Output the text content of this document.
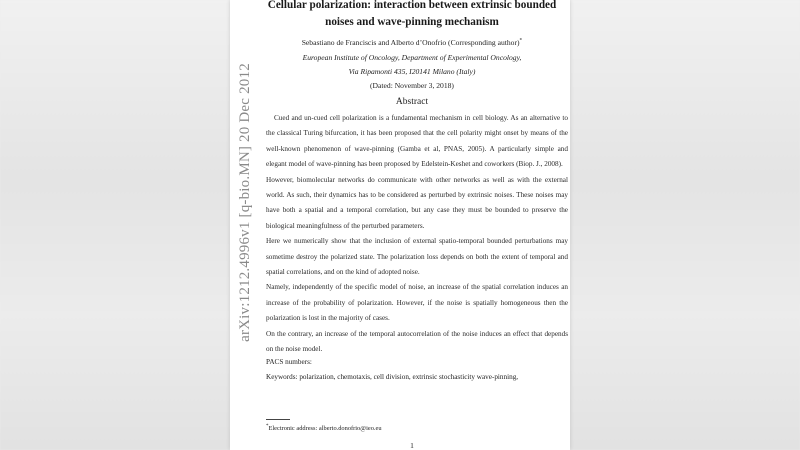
arXiv:1212.4996v1 [q-bio.MN] 20 Dec 2012
Cellular polarization: interaction between extrinsic bounded
noises and wave-pinning mechanism
Sebastiano de Franciscis and Alberto d’Onofrio (Corresponding author)*
European Institute of Oncology, Department of Experimental Oncology,
Via Ripamonti 435, I20141 Milano (Italy)
(Dated: November 3, 2018)
Abstract

Cued and un-cued cell polarization is a fundamental mechanism in cell biology. As an alternative to the classical Turing bifurcation, it has been proposed that the cell polarity might onset by means of the well-known phenomenon of wave-pinning (Gamba et al, PNAS, 2005). A particularly simple and elegant model of wave-pinning has been proposed by Edelstein-Keshet and coworkers (Biop. J., 2008).

However, biomolecular networks do communicate with other networks as well as with the external world. As such, their dynamics has to be considered as perturbed by extrinsic noises. These noises may have both a spatial and a temporal correlation, but any case they must be bounded to preserve the biological meaningfulness of the perturbed parameters.

Here we numerically show that the inclusion of external spatio-temporal bounded perturbations may sometime destroy the polarized state. The polarization loss depends on both the extent of temporal and spatial correlations, and on the kind of adopted noise.

Namely, independently of the specific model of noise, an increase of the spatial correlation induces an increase of the probability of polarization. However, if the noise is spatially homogeneous then the polarization is lost in the majority of cases.

On the contrary, an increase of the temporal autocorrelation of the noise induces an effect that depends on the noise model.

PACS numbers:
Keywords: polarization, chemotaxis, cell division, extrinsic stochasticity wave-pinning,
*Electronic address: alberto.donofrio@ieo.eu
1
